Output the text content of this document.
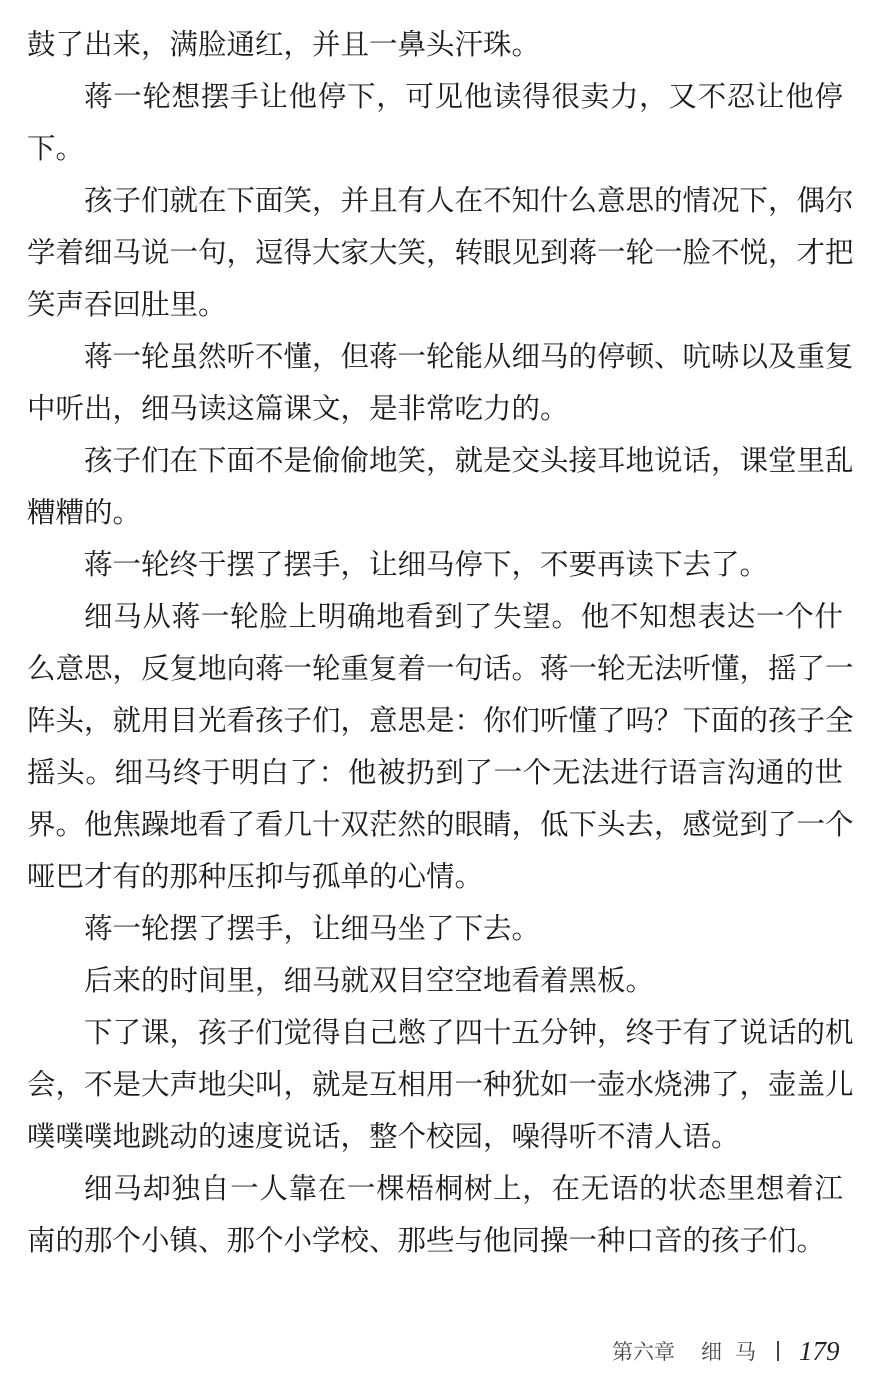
鼓了出来，满脸通红，并且一鼻头汗珠。
蒋一轮想摆手让他停下，可见他读得很卖力，又不忍让他停
下。
孩子们就在下面笑，并且有人在不知什么意思的情况下，偶尔
学着细马说一句，逗得大家大笑，转眼见到蒋一轮一脸不悦，才把
笑声吞回肚里。
蒋一轮虽然听不懂，但蒋一轮能从细马的停顿、吭哧以及重复
中听出，细马读这篇课文，是非常吃力的。
孩子们在下面不是偷偷地笑，就是交头接耳地说话，课堂里乱
糟糟的。
蒋一轮终于摆了摆手，让细马停下，不要再读下去了。
细马从蒋一轮脸上明确地看到了失望。他不知想表达一个什
么意思，反复地向蒋一轮重复着一句话。蒋一轮无法听懂，摇了一
阵头，就用目光看孩子们，意思是：你们听懂了吗？下面的孩子全
摇头。细马终于明白了：他被扔到了一个无法进行语言沟通的世
界。他焦躁地看了看几十双茫然的眼睛，低下头去，感觉到了一个
哑巴才有的那种压抑与孤单的心情。
蒋一轮摆了摆手，让细马坐了下去。
后来的时间里，细马就双目空空地看着黑板。
下了课，孩子们觉得自己憋了四十五分钟，终于有了说话的机
会，不是大声地尖叫，就是互相用一种犹如一壶水烧沸了，壶盖儿
噗噗噗地跳动的速度说话，整个校园，噪得听不清人语。
细马却独自一人靠在一棵梧桐树上，在无语的状态里想着江
南的那个小镇、那个小学校、那些与他同操一种口音的孩子们。
第六章 细马 179
